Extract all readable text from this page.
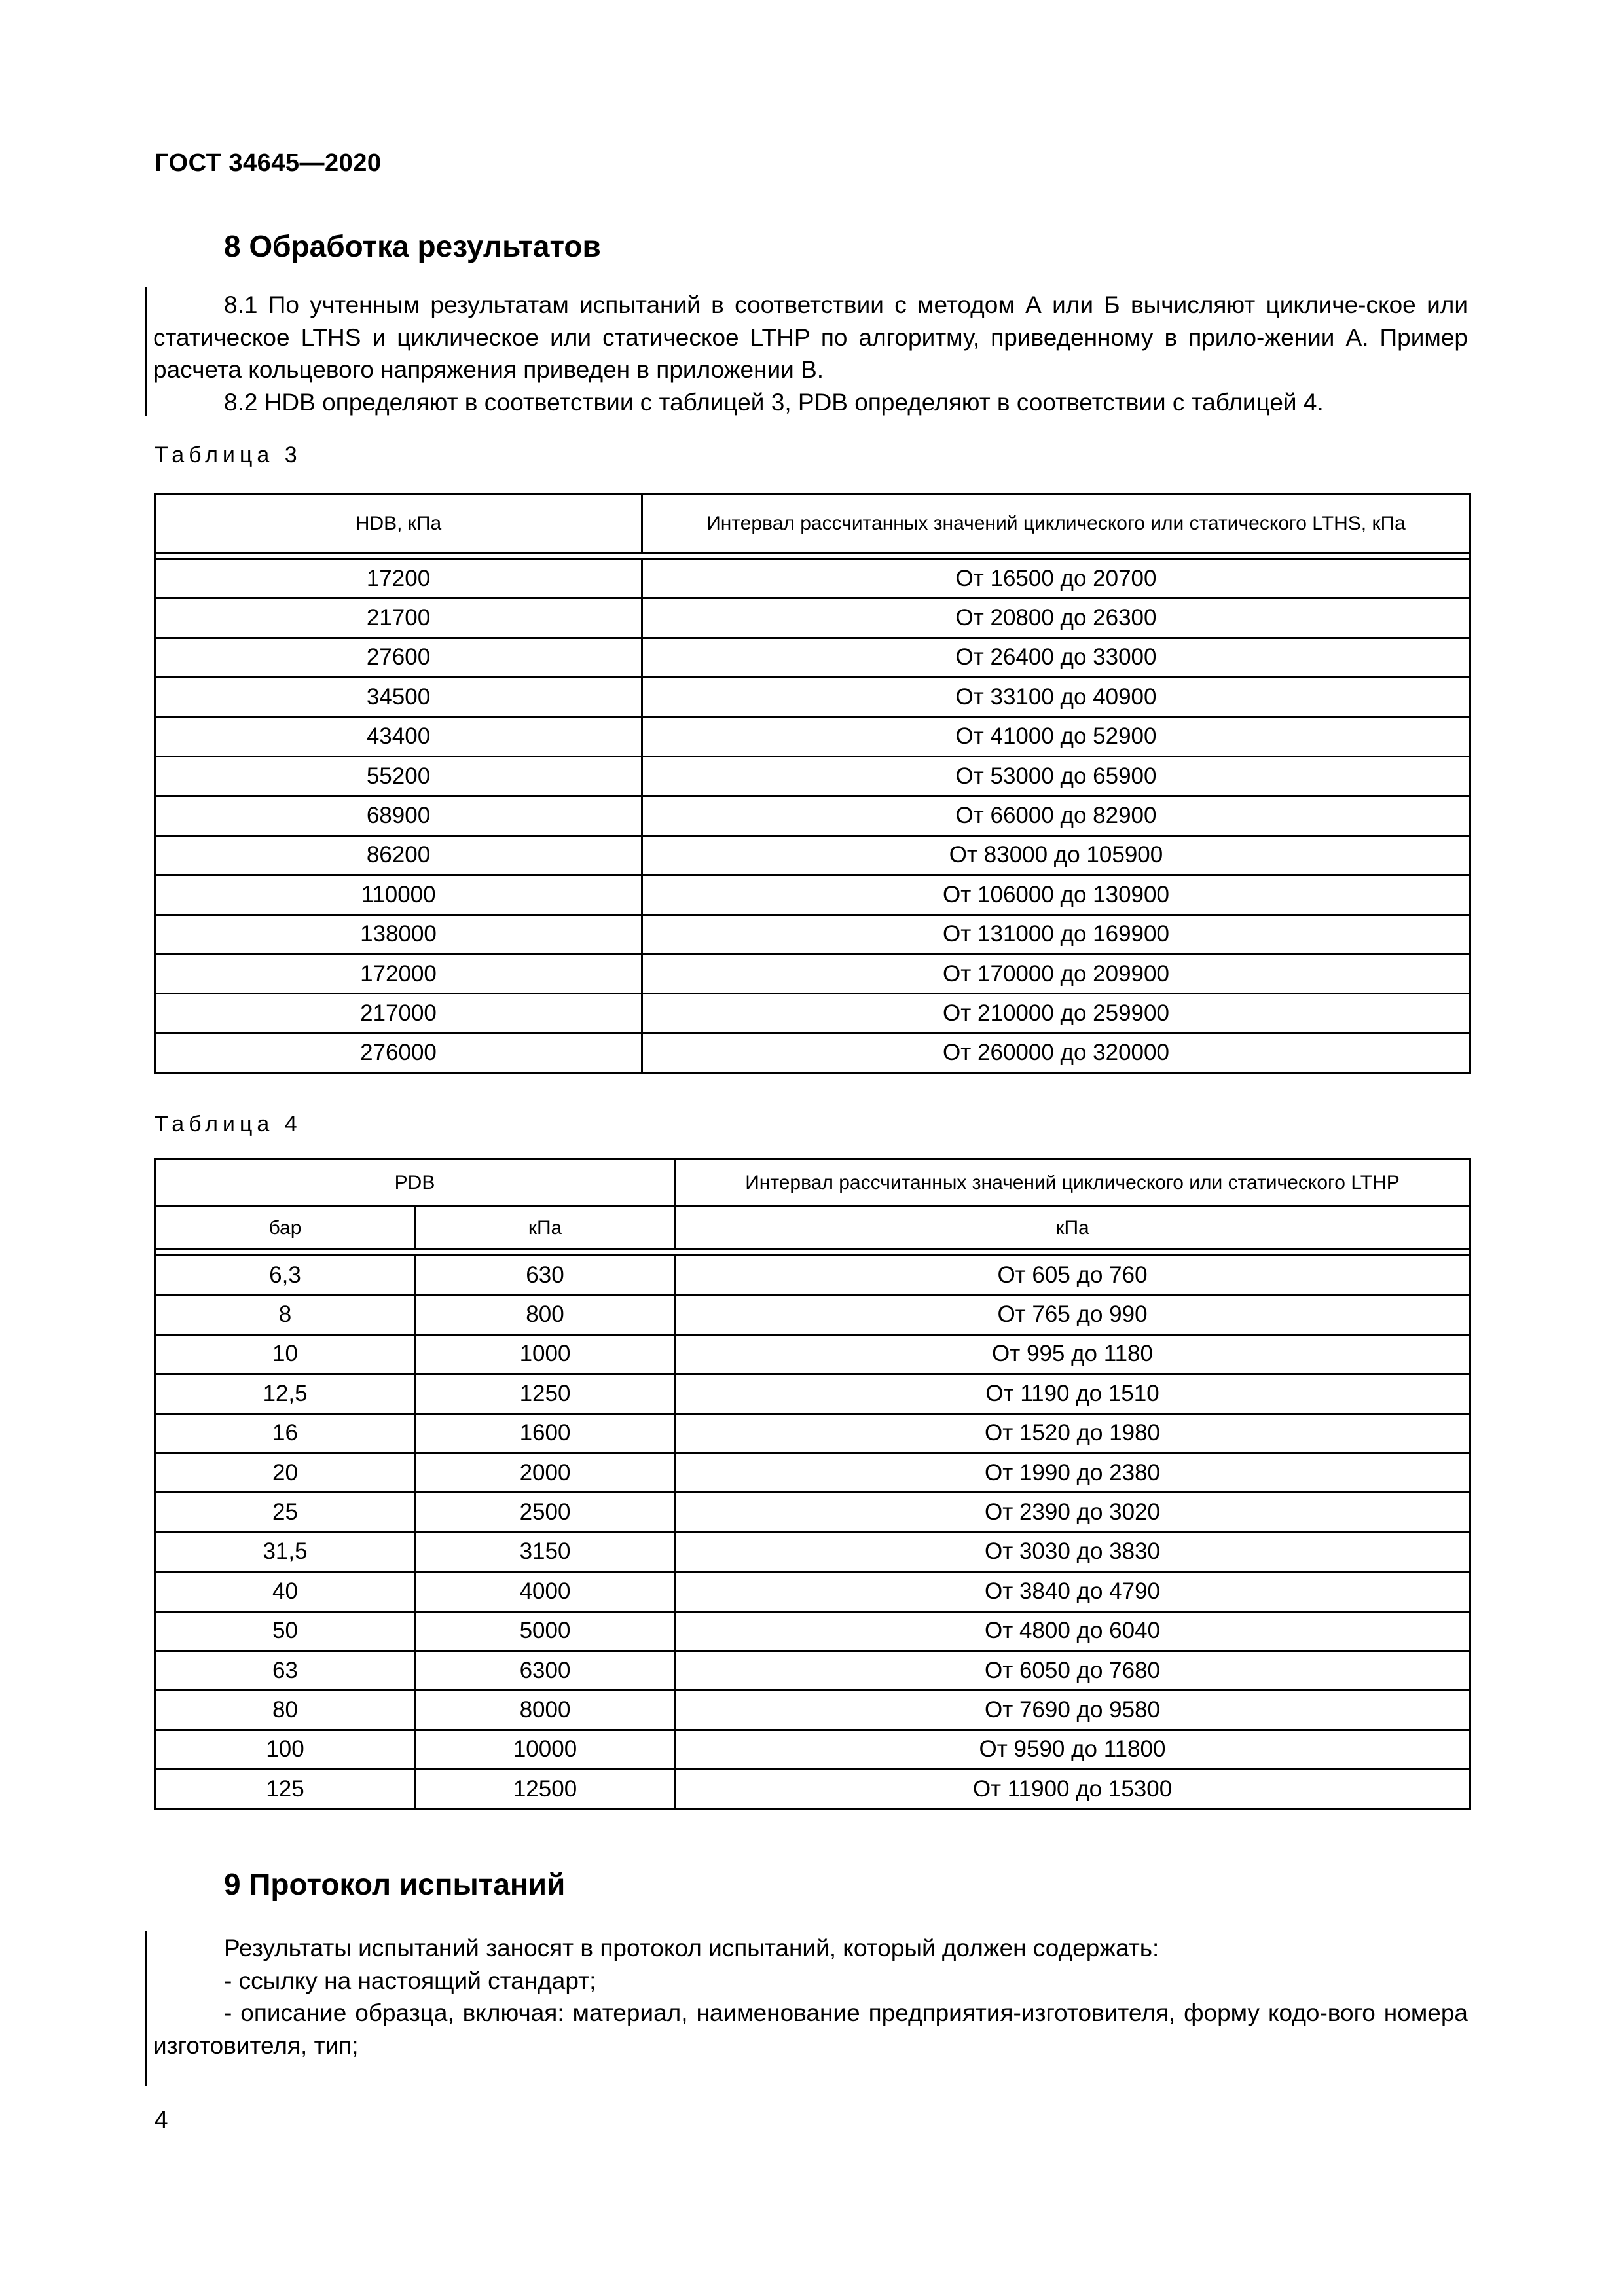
ГОСТ 34645—2020
8 Обработка результатов

8.1 По учтенным результатам испытаний в соответствии с методом А или Б вычисляют цикличе-ское или статическое LTHS и циклическое или статическое LTHP по алгоритму, приведенному в прило-жении А. Пример расчета кольцевого напряжения приведен в приложении В.

8.2 HDB определяют в соответствии с таблицей 3, PDB определяют в соответствии с таблицей 4.

Таблица 3
HDB, кПа	Интервал рассчитанных значений циклического или статического LTHS, кПа

17200	От 16500 до 20700
21700	От 20800 до 26300
27600	От 26400 до 33000
34500	От 33100 до 40900
43400	От 41000 до 52900
55200	От 53000 до 65900
68900	От 66000 до 82900
86200	От 83000 до 105900
110000	От 106000 до 130900
138000	От 131000 до 169900
172000	От 170000 до 209900
217000	От 210000 до 259900
276000	От 260000 до 320000
Таблица 4
PDB		Интервал рассчитанных значений циклического или статического LTHP
бар	кПа	кПа

6,3	630	От 605 до 760
8	800	От 765 до 990
10	1000	От 995 до 1180
12,5	1250	От 1190 до 1510
16	1600	От 1520 до 1980
20	2000	От 1990 до 2380
25	2500	От 2390 до 3020
31,5	3150	От 3030 до 3830
40	4000	От 3840 до 4790
50	5000	От 4800 до 6040
63	6300	От 6050 до 7680
80	8000	От 7690 до 9580
100	10000	От 9590 до 11800
125	12500	От 11900 до 15300
9 Протокол испытаний

Результаты испытаний заносят в протокол испытаний, который должен содержать:

- ссылку на настоящий стандарт;

- описание образца, включая: материал, наименование предприятия-изготовителя, форму кодо-вого номера изготовителя, тип;

4
